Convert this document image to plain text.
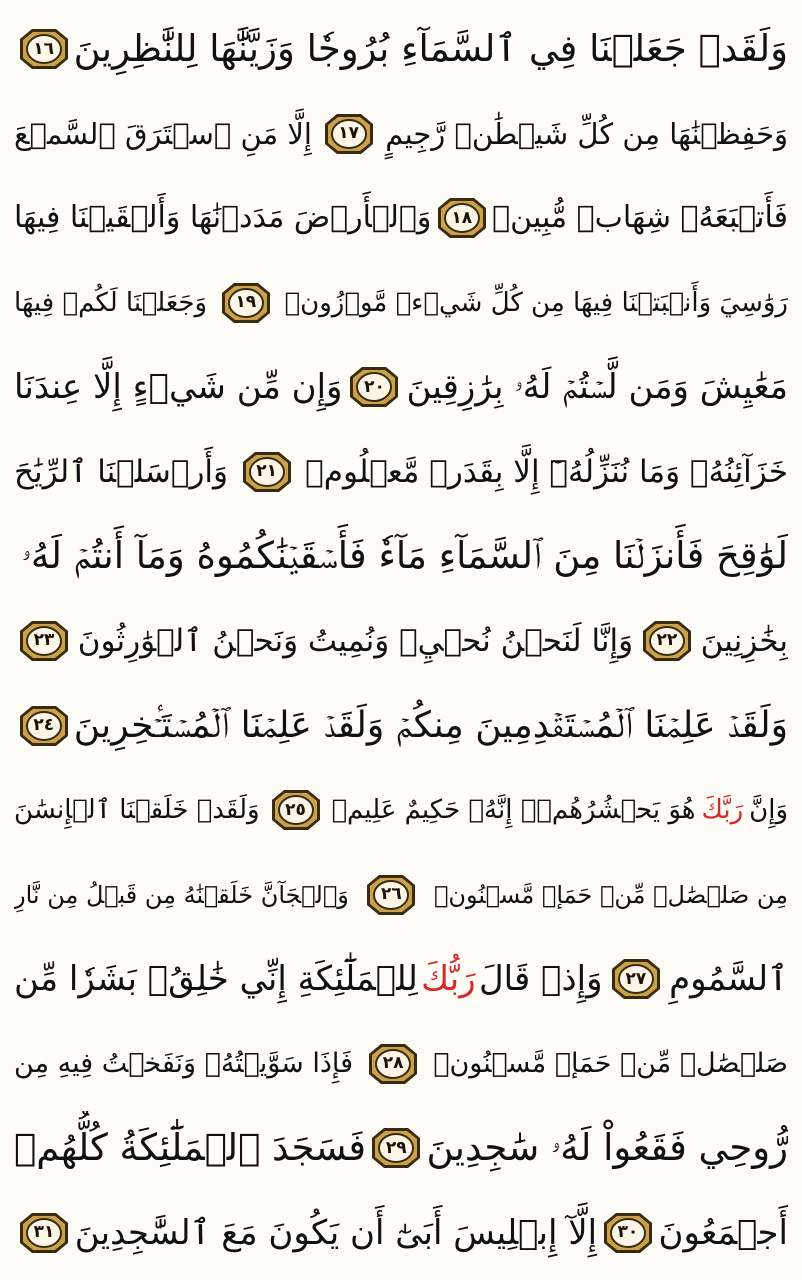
وَلَقَدۡ جَعَلۡنَا فِي ٱلسَّمَآءِ بُرُوجٗا وَزَيَّنَّٰهَا لِلنَّٰظِرِينَ
١٦
وَحَفِظۡنَٰهَا مِن كُلِّ شَيۡطَٰنٖ رَّجِيمٍ
١٧
إِلَّا مَنِ ٱسۡتَرَقَ ٱلسَّمۡعَ
فَأَتۡبَعَهُۥ شِهَابٞ مُّبِينٞ
١٨
وَٱلۡأَرۡضَ مَدَدۡنَٰهَا وَأَلۡقَيۡنَا فِيهَا
رَوَٰسِيَ وَأَنۢبَتۡنَا فِيهَا مِن كُلِّ شَيۡءٖ مَّوۡزُونٖ
١٩
وَجَعَلۡنَا لَكُمۡ فِيهَا
مَعَٰيِشَ وَمَن لَّسۡتُمۡ لَهُۥ بِرَٰزِقِينَ
٢٠
وَإِن مِّن شَيۡءٍ إِلَّا عِندَنَا
خَزَآئِنُهُۥ وَمَا نُنَزِّلُهُۥٓ إِلَّا بِقَدَرٖ مَّعۡلُومٖ
٢١
وَأَرۡسَلۡنَا ٱلرِّيَٰحَ
لَوَٰقِحَ فَأَنزَلۡنَا مِنَ ٱلسَّمَآءِ مَآءٗ فَأَسۡقَيۡنَٰكُمُوهُ وَمَآ أَنتُمۡ لَهُۥ
بِخَٰزِنِينَ
٢٢
وَإِنَّا لَنَحۡنُ نُحۡيِۦ وَنُمِيتُ وَنَحۡنُ ٱلۡوَٰرِثُونَ
٢٣
وَلَقَدۡ عَلِمۡنَا ٱلۡمُسۡتَقۡدِمِينَ مِنكُمۡ وَلَقَدۡ عَلِمۡنَا ٱلۡمُسۡتَـٔۡخِرِينَ
٢٤
وَإِنَّ
رَبَّكَ
هُوَ يَحۡشُرُهُمۡۚ إِنَّهُۥ حَكِيمٌ عَلِيمٞ
٢٥
وَلَقَدۡ خَلَقۡنَا ٱلۡإِنسَٰنَ
مِن صَلۡصَٰلٖ مِّنۡ حَمَإٖ مَّسۡنُونٖ
٢٦
وَٱلۡجَآنَّ خَلَقۡنَٰهُ مِن قَبۡلُ مِن نَّارِ
ٱلسَّمُومِ
٢٧
وَإِذۡ قَالَ
رَبُّكَ
لِلۡمَلَٰٓئِكَةِ إِنِّي خَٰلِقُۢ بَشَرٗا مِّن
صَلۡصَٰلٖ مِّنۡ حَمَإٖ مَّسۡنُونٖ
٢٨
فَإِذَا سَوَّيۡتُهُۥ وَنَفَخۡتُ فِيهِ مِن
رُّوحِي فَقَعُواْ لَهُۥ سَٰجِدِينَ
٢٩
فَسَجَدَ ٱلۡمَلَٰٓئِكَةُ كُلُّهُمۡ
أَجۡمَعُونَ
٣٠
إِلَّآ إِبۡلِيسَ أَبَىٰٓ أَن يَكُونَ مَعَ ٱلسَّٰجِدِينَ
٣١
